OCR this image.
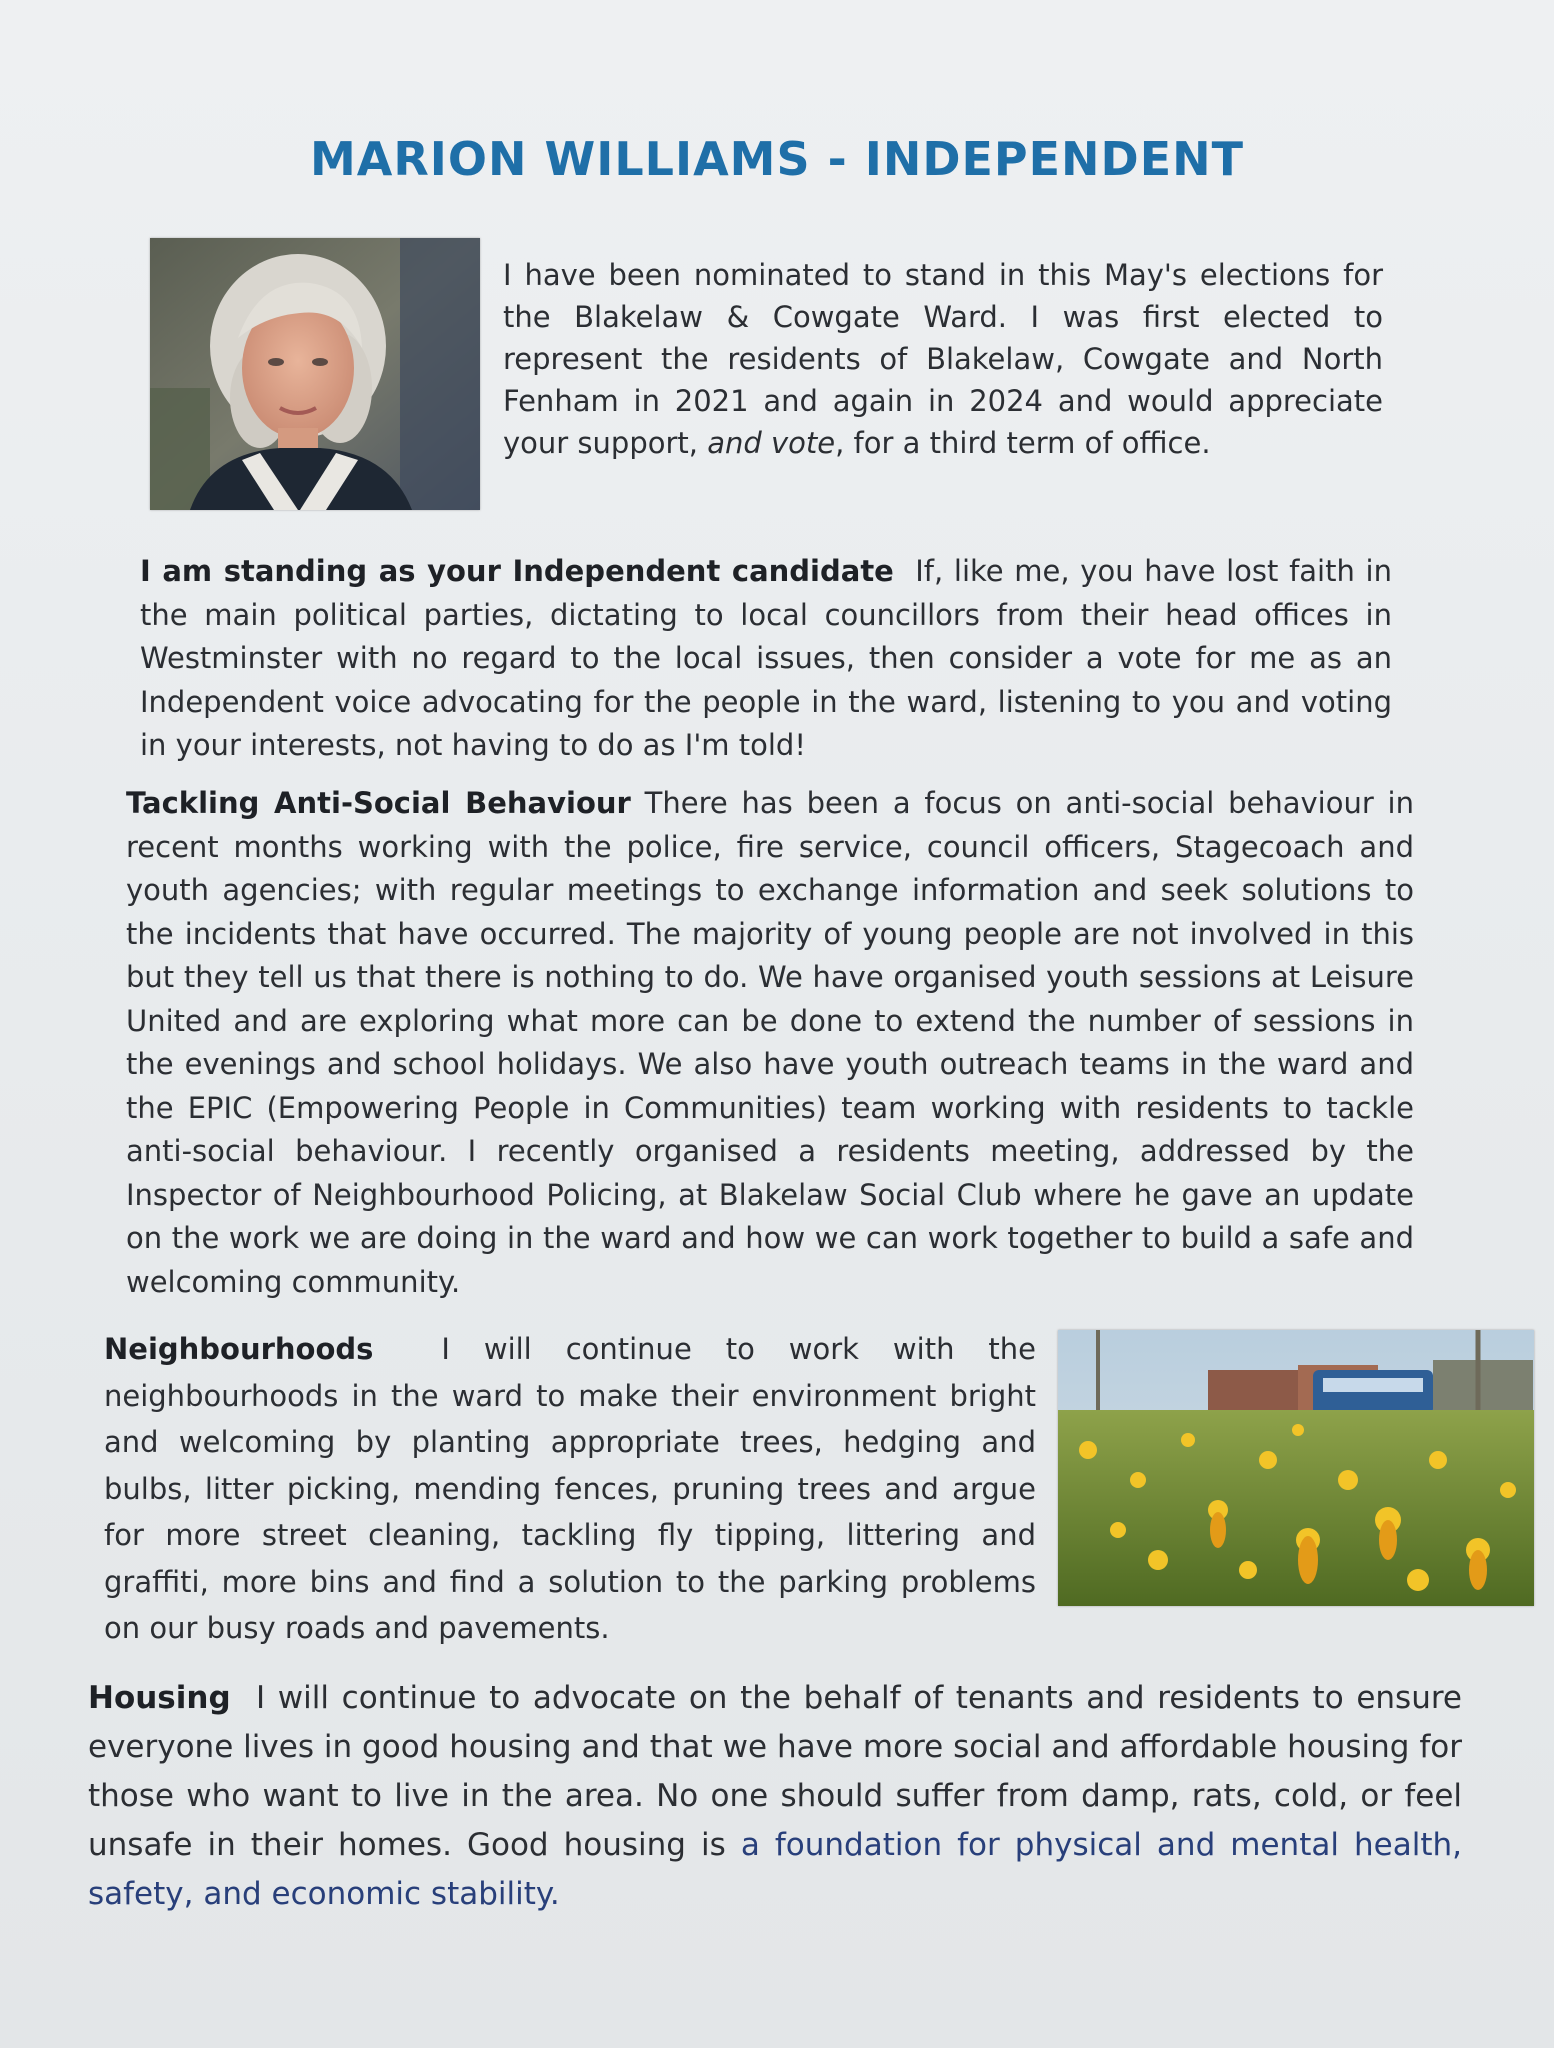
MARION WILLIAMS - INDEPENDENT

I have been nominated to stand in this May's elections for the Blakelaw & Cowgate Ward. I was first elected to represent the residents of Blakelaw, Cowgate and North Fenham in 2021 and again in 2024 and would appreciate your support, and vote, for a third term of office.

I am standing as your Independent candidate If, like me, you have lost faith in the main political parties, dictating to local councillors from their head offices in Westminster with no regard to the local issues, then consider a vote for me as an Independent voice advocating for the people in the ward, listening to you and voting in your interests, not having to do as I'm told!

Tackling Anti-Social Behaviour There has been a focus on anti-social behaviour in recent months working with the police, fire service, council officers, Stagecoach and youth agencies; with regular meetings to exchange information and seek solutions to the incidents that have occurred. The majority of young people are not involved in this but they tell us that there is nothing to do. We have organised youth sessions at Leisure United and are exploring what more can be done to extend the number of sessions in the evenings and school holidays. We also have youth outreach teams in the ward and the EPIC (Empowering People in Communities) team working with residents to tackle anti-social behaviour. I recently organised a residents meeting, addressed by the Inspector of Neighbourhood Policing, at Blakelaw Social Club where he gave an update on the work we are doing in the ward and how we can work together to build a safe and welcoming community.

Neighbourhoods I will continue to work with the neighbourhoods in the ward to make their environment bright and welcoming by planting appropriate trees, hedging and bulbs, litter picking, mending fences, pruning trees and argue for more street cleaning, tackling fly tipping, littering and graffiti, more bins and find a solution to the parking problems on our busy roads and pavements.

Housing I will continue to advocate on the behalf of tenants and residents to ensure everyone lives in good housing and that we have more social and affordable housing for those who want to live in the area. No one should suffer from damp, rats, cold, or feel unsafe in their homes. Good housing is a foundation for physical and mental health, safety, and economic stability.
